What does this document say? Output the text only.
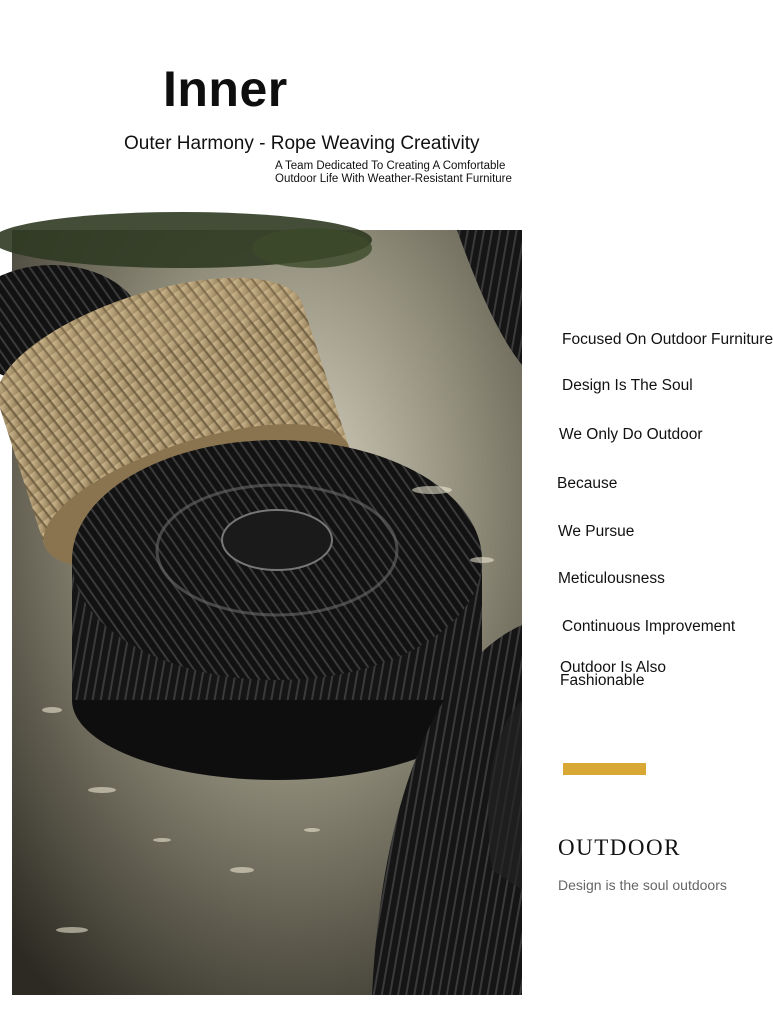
Inner
Outer Harmony - Rope Weaving Creativity
A Team Dedicated To Creating A Comfortable
Outdoor Life With Weather-Resistant Furniture
Focused On Outdoor Furniture
Design Is The Soul
We Only Do Outdoor
Because
We Pursue
Meticulousness
Continuous Improvement
Outdoor Is Also
Fashionable
OUTDOOR
Design is the soul outdoors
